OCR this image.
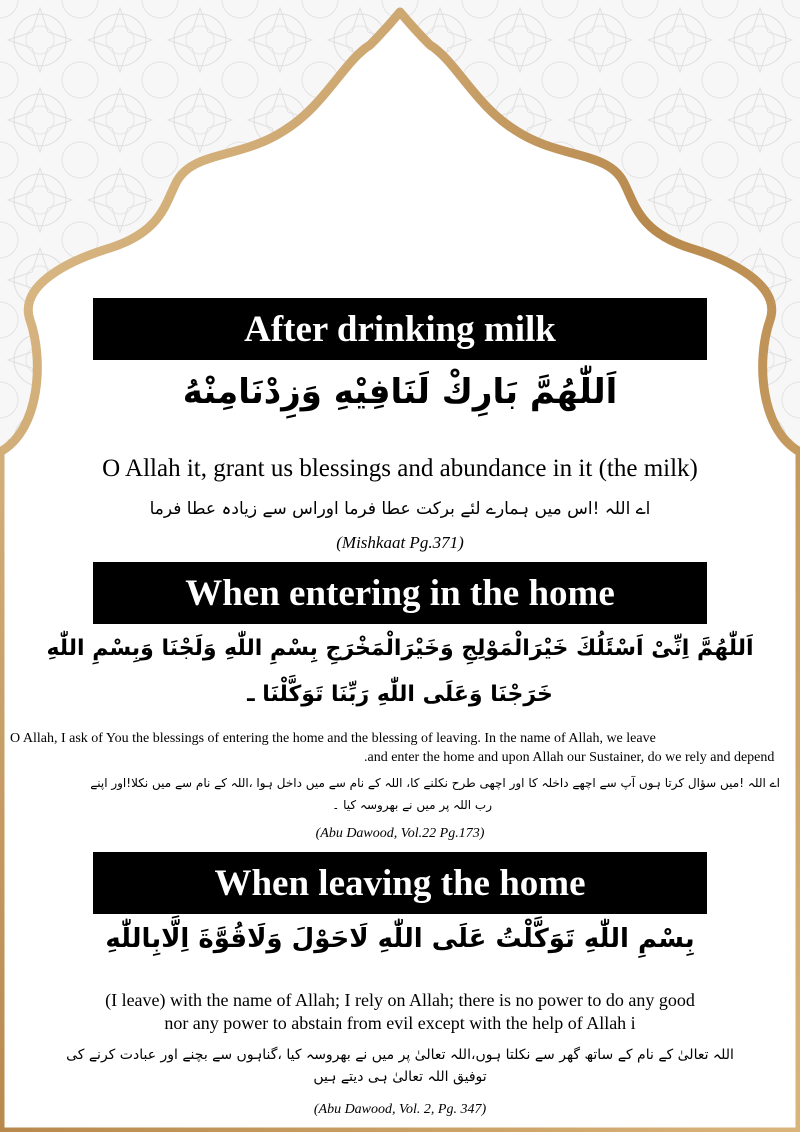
After drinking milk
اَللّٰهُمَّ بَارِكْ لَنَافِيْهِ وَزِدْنَامِنْهُ
O Allah it, grant us blessings and abundance in it (the milk)
اے اللہ !اس میں ہمارے لئے برکت عطا فرما اوراس سے زیادہ عطا فرما
(Mishkaat Pg.371)
When entering in the home
اَللّٰهُمَّ اِنِّىْ اَسْئَلُكَ خَيْرَالْمَوْلِجِ وَخَيْرَالْمَخْرَجِ بِسْمِ اللّٰهِ وَلَجْنَا وَبِسْمِ اللّٰهِ
خَرَجْنَا وَعَلَى اللّٰهِ رَبِّنَا تَوَكَّلْنَا ـ
O Allah, I ask of You the blessings of entering the home and the blessing of leaving. In the name of Allah, we leave
.and enter the home and upon Allah our Sustainer, do we rely and depend
اے اللہ !میں سؤال کرتا ہوں آپ سے اچھے داخلہ کا اور اچھی طرح نکلنے کا، اللہ کے نام سے میں داخل ہوا ،اللہ کے نام سے میں نکلا!اور اپنے
رب اللہ پر میں نے بھروسہ کیا ۔
(Abu Dawood, Vol.22 Pg.173)
When leaving the home
بِسْمِ اللّٰهِ تَوَكَّلْتُ عَلَى اللّٰهِ لَاحَوْلَ وَلَاقُوَّةَ اِلَّابِاللّٰهِ
(I leave) with the name of Allah; I rely on Allah; there is no power to do any good
nor any power to abstain from evil except with the help of Allah i
اللہ تعالیٰ کے نام کے ساتھ گھر سے نکلتا ہوں،اللہ تعالیٰ پر میں نے بھروسہ کیا ،گناہوں سے بچنے اور عبادت کرنے کی
توفیق اللہ تعالیٰ ہی دیتے ہیں
(Abu Dawood, Vol. 2, Pg. 347)
